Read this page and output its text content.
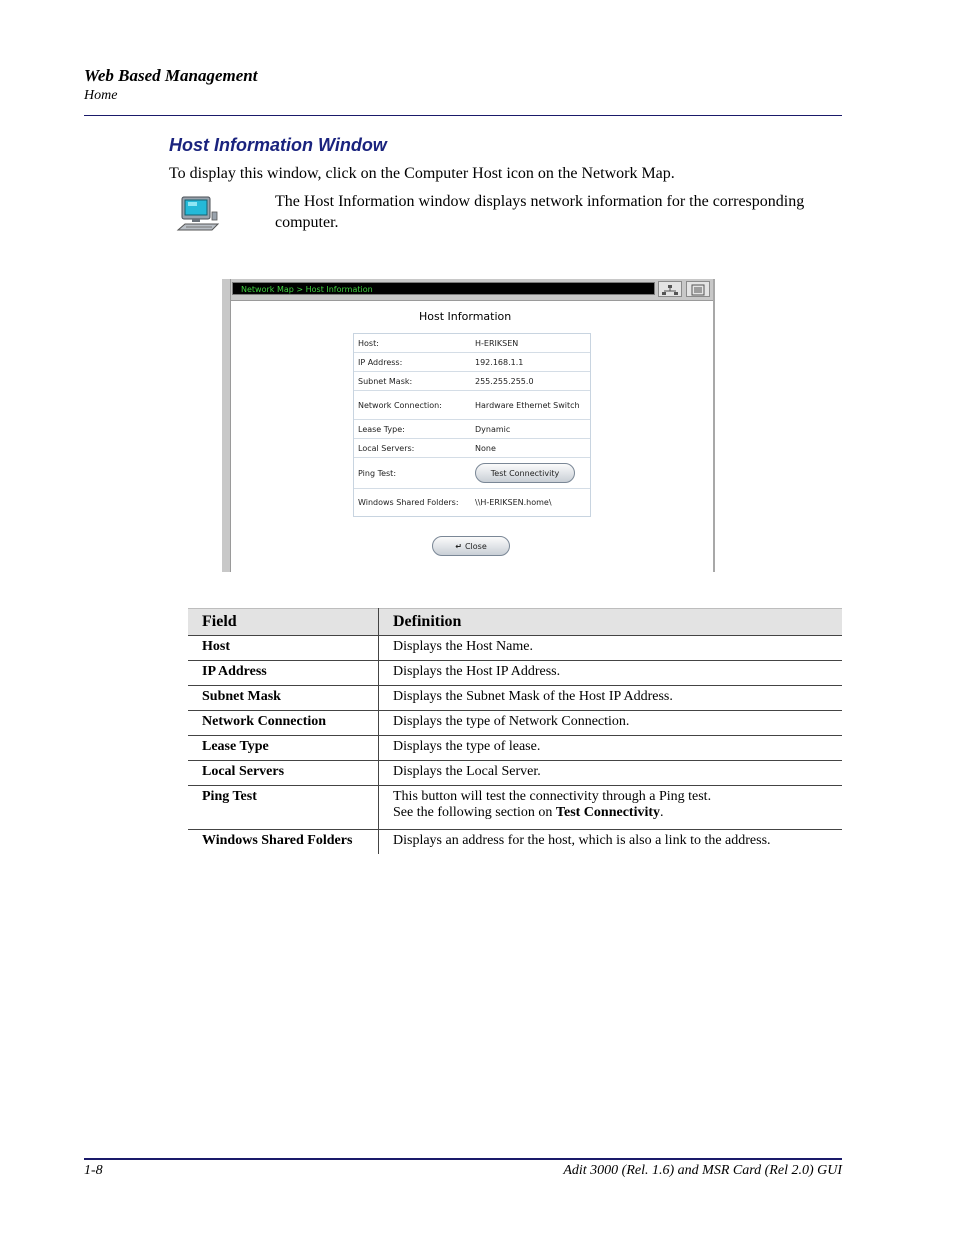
Web Based Management
Home
Host Information Window
To display this window, click on the Computer Host icon on the Network Map.
The Host Information window displays network information for the corresponding computer.
Network Map > Host Information
Host Information
Host:	H-ERIKSEN
IP Address:	192.168.1.1
Subnet Mask:	255.255.255.0
Network Connection:	Hardware Ethernet Switch
Lease Type:	Dynamic
Local Servers:	None
Ping Test:	Test Connectivity
Windows Shared Folders:	\\H-ERIKSEN.home\
↵ Close
Field	Definition
Host	Displays the Host Name.
IP Address	Displays the Host IP Address.
Subnet Mask	Displays the Subnet Mask of the Host IP Address.
Network Connection	Displays the type of Network Connection.
Lease Type	Displays the type of lease.
Local Servers	Displays the Local Server.
Ping Test	This button will test the connectivity through a Ping test.
See the following section on Test Connectivity.

Windows Shared Folders	Displays an address for the host, which is also a link to the address.
1-8	Adit 3000 (Rel. 1.6) and MSR Card (Rel 2.0) GUI
